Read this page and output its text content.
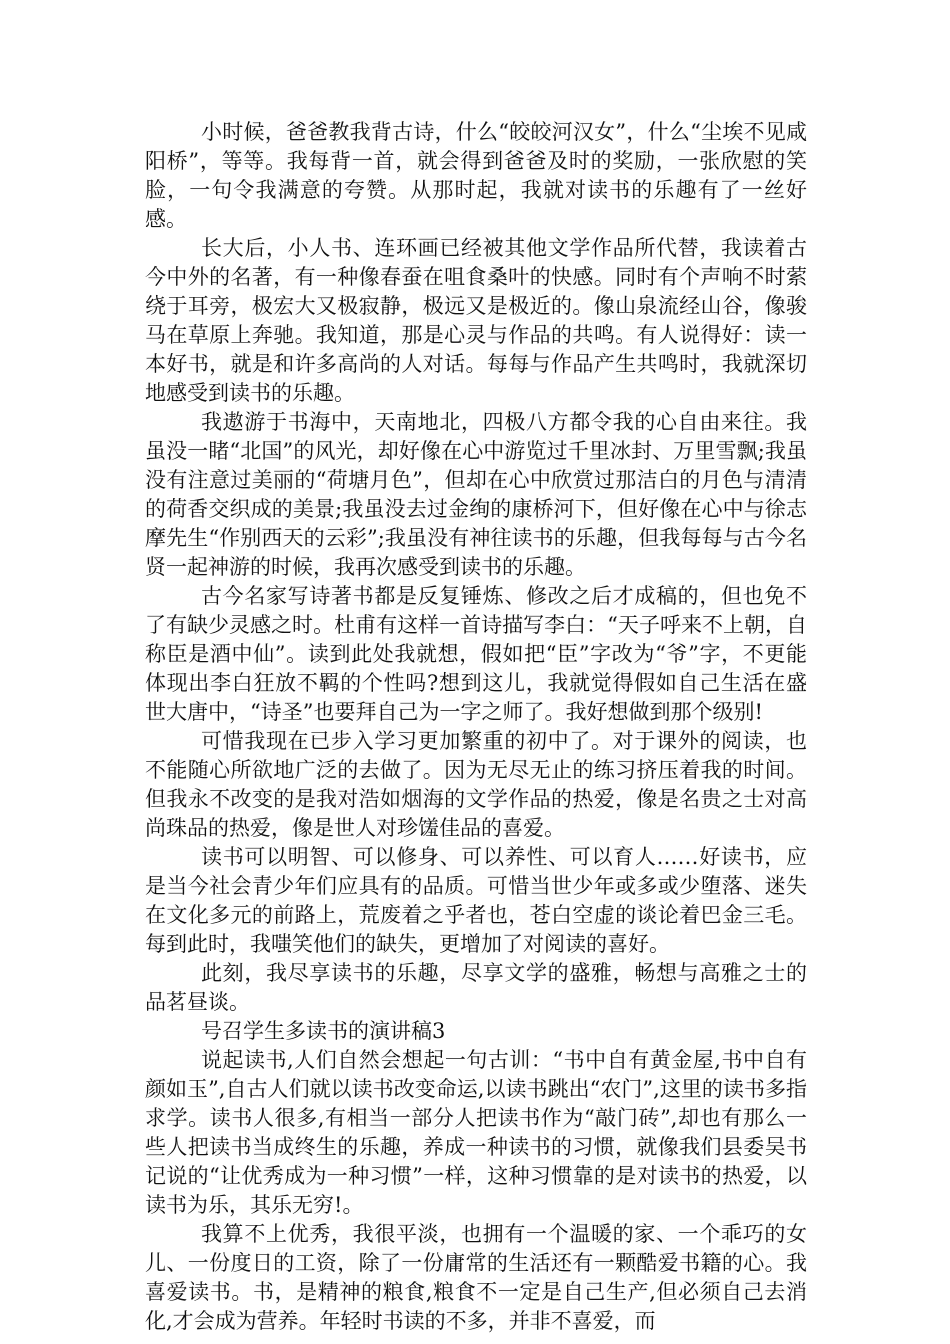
小时候，爸爸教我背古诗，什么“皎皎河汉女”，什么“尘埃不见咸阳桥”，等等。我每背一首，就会得到爸爸及时的奖励，一张欣慰的笑脸，一句令我满意的夸赞。从那时起，我就对读书的乐趣有了一丝好感。

长大后，小人书、连环画已经被其他文学作品所代替，我读着古今中外的名著，有一种像春蚕在咀食桑叶的快感。同时有个声响不时萦绕于耳旁，极宏大又极寂静，极远又是极近的。像山泉流经山谷，像骏马在草原上奔驰。我知道，那是心灵与作品的共鸣。有人说得好：读一本好书，就是和许多高尚的人对话。每每与作品产生共鸣时，我就深切地感受到读书的乐趣。

我遨游于书海中，天南地北，四极八方都令我的心自由来往。我虽没一睹“北国”的风光，却好像在心中游览过千里冰封、万里雪飘;我虽没有注意过美丽的“荷塘月色”，但却在心中欣赏过那洁白的月色与清清的荷香交织成的美景;我虽没去过金绚的康桥河下，但好像在心中与徐志摩先生“作别西天的云彩”;我虽没有神往读书的乐趣，但我每每与古今名贤一起神游的时候，我再次感受到读书的乐趣。

古今名家写诗著书都是反复锤炼、修改之后才成稿的，但也免不了有缺少灵感之时。杜甫有这样一首诗描写李白：“天子呼来不上朝，自称臣是酒中仙”。读到此处我就想，假如把“臣”字改为“爷”字，不更能体现出李白狂放不羁的个性吗?想到这儿，我就觉得假如自己生活在盛世大唐中，“诗圣”也要拜自己为一字之师了。我好想做到那个级别!

可惜我现在已步入学习更加繁重的初中了。对于课外的阅读，也不能随心所欲地广泛的去做了。因为无尽无止的练习挤压着我的时间。但我永不改变的是我对浩如烟海的文学作品的热爱，像是名贵之士对高尚珠品的热爱，像是世人对珍馐佳品的喜爱。

读书可以明智、可以修身、可以养性、可以育人……好读书，应是当今社会青少年们应具有的品质。可惜当世少年或多或少堕落、迷失在文化多元的前路上，荒废着之乎者也，苍白空虚的谈论着巴金三毛。每到此时，我嗤笑他们的缺失，更增加了对阅读的喜好。

此刻，我尽享读书的乐趣，尽享文学的盛雅，畅想与高雅之士的品茗昼谈。

号召学生多读书的演讲稿3

说起读书,人们自然会想起一句古训：“书中自有黄金屋,书中自有颜如玉”,自古人们就以读书改变命运,以读书跳出“农门”,这里的读书多指求学。读书人很多,有相当一部分人把读书作为“敲门砖”,却也有那么一些人把读书当成终生的乐趣，养成一种读书的习惯，就像我们县委吴书记说的“让优秀成为一种习惯”一样，这种习惯靠的是对读书的热爱，以读书为乐，其乐无穷!。

我算不上优秀，我很平淡，也拥有一个温暖的家、一个乖巧的女儿、一份度日的工资，除了一份庸常的生活还有一颗酷爱书籍的心。我喜爱读书。书，是精神的粮食,粮食不一定是自己生产,但必须自己去消化,才会成为营养。年轻时书读的不多，并非不喜爱，而
